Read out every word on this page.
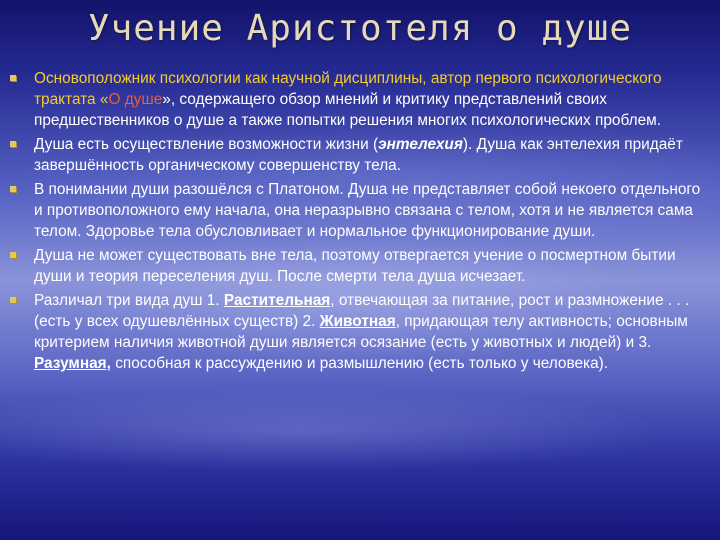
Учение Аристотеля о душе
Основоположник психологии как научной дисциплины, автор первого психологического трактата «О душе», содержащего обзор мнений и критику представлений своих предшественников о душе а также попытки решения многих психологических проблем.
Душа есть осуществление возможности жизни (энтелехия). Душа как энтелехия придаёт завершённость органическому совершенству тела.
В понимании души разошёлся с Платоном. Душа не представляет собой некоего отдельного и противоположного ему начала, она неразрывно связана с телом, хотя и не является сама телом. Здоровье тела обусловливает и нормальное функционирование души.
Душа не может существовать вне тела, поэтому отвергается учение о посмертном бытии души и теория переселения душ. После смерти тела душа исчезает.
Различал три вида душ 1. Растительная, отвечающая за питание, рост и размножение . . . (есть у всех одушевлённых существ) 2. Животная, придающая телу активность; основным критерием наличия животной души является осязание (есть у животных и людей) и 3. Разумная, способная к рассуждению и размышлению (есть только у человека).
